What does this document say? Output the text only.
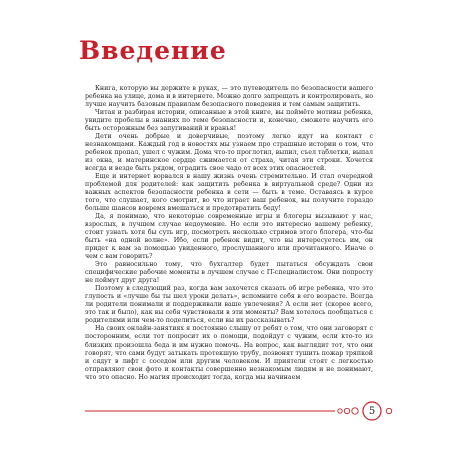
Введение

Книга, которую вы держите в руках, — это путеводитель по безопасности вашего ребенка на улице, дома и в интернете. Можно долго запрещать и контролировать, но лучше научить базовым правилам безопасного поведения и тем самым защитить.

Читая и разбирая истории, описанные в этой книге, вы поймёте мотивы ребенка, увидите пробелы в знаниях по теме безопасности и, конечно, сможете научить его быть осторожным без запугиваний и вранья!

Дети очень добрые и доверчивые, поэтому легко идут на контакт с незнакомцами. Каждый год в новостях мы узнаем про страшные истории о том, что ребенок пропал, ушел с чужим. Дома что-то проглотил, выпил, съел таблетки, выпал из окна, и материнское сердце сжимается от страха, читая эти строки. Хочется всегда и везде быть рядом, оградить свое чадо от всех этих опасностей.

Еще и интернет ворвался в нашу жизнь очень стремительно. И стал очередной проблемой для родителей: как защитить ребенка в виртуальной среде? Одни из важных аспектов безопасности ребенка в сети — быть в теме. Оставаясь в курсе того, что слушает, кого смотрит, во что играет ваш ребенок, вы получите гораздо больше шансов вовремя вмешаться и предотвратить беду!

Да, я понимаю, что некоторые современные игры и блогеры вызывают у нас, взрослых, в лучшем случае недоумение. Но если это интересно вашему ребенку, стоит узнать хотя бы суть игр, посмотреть несколько стримов этого блогера, что-бы быть «на одной волне». Ибо, если ребенок видит, что вы интересуетесь им, он придет к вам за помощью увиденного, прослушанного или прочитанного. Иначе о чем с вам говорить?

Это равносильно тому, что бухгалтер будет пытаться обсуждать свои специфические рабочие моменты в лучшем случае с IT-специалистом. Они попросту не поймут друг друга!

Поэтому в следующий раз, когда вам захочется сказать об игре ребенка, что это глупость и «лучше бы ты шел уроки делать», вспомните себя в его возрасте. Всегда ли родители понимали и поддерживали ваше увлечения? А если нет (скорее всего, это так и было), как вы себя чувствовали в эти моменты? Вам хотелось пообщаться с родителями или чем-то поделиться, если вы их рассказывать?

На своих онлайн-занятиях я постоянно слышу от ребят о том, что они заговорят с посторонним, если тот попросит их о помощи, подойдут с чужим, если кто-то из близких произошла беда и им нужно помочь. На вопрос, как выглядит тот, что они говорят, что сами будут затыкать протекшую трубу, позвонят тушить пожар тряпкой и сядут в лифт с соседом или другим человеком. И приятели стоят с легкостью отправляют свои фото и контакты совершенно незнакомым людям и не понимают, что это опасно. Но магия происходит тогда, когда мы начинаем

5
